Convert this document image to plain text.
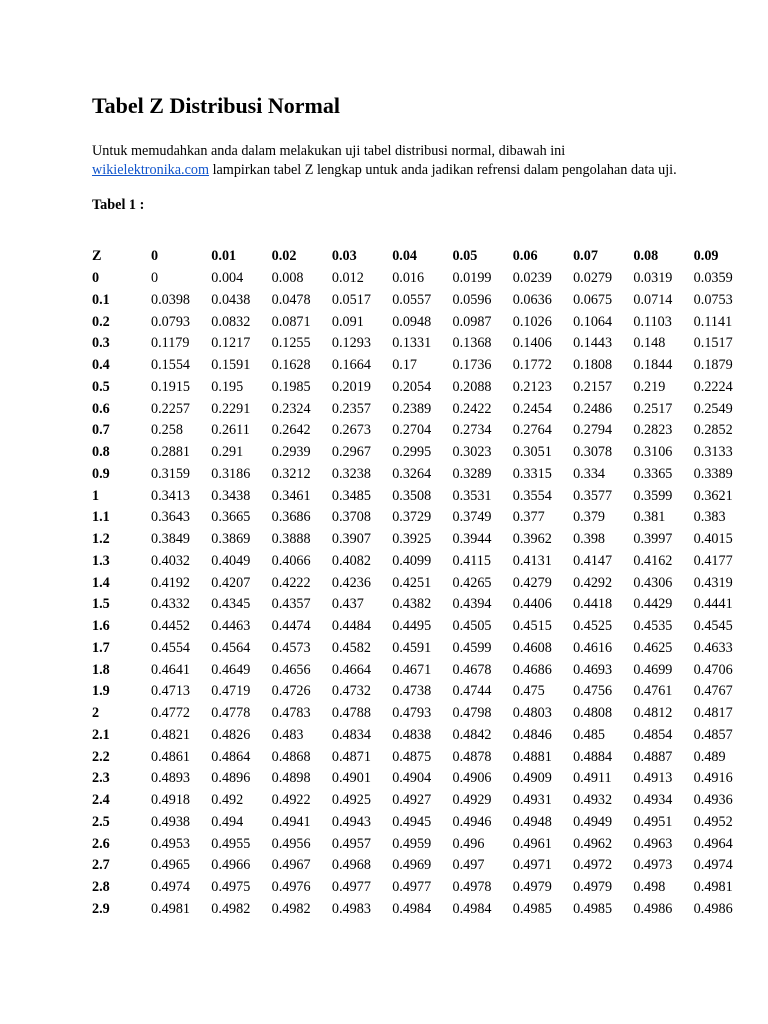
Tabel Z Distribusi Normal

Untuk memudahkan anda dalam melakukan uji tabel distribusi normal, dibawah ini wikielektronika.com lampirkan tabel Z lengkap untuk anda jadikan refrensi dalam pengolahan data uji.

Tabel 1 :

Z	0	0.01	0.02	0.03	0.04	0.05	0.06	0.07	0.08	0.09
0	0	0.004	0.008	0.012	0.016	0.0199	0.0239	0.0279	0.0319	0.0359
0.1	0.0398	0.0438	0.0478	0.0517	0.0557	0.0596	0.0636	0.0675	0.0714	0.0753
0.2	0.0793	0.0832	0.0871	0.091	0.0948	0.0987	0.1026	0.1064	0.1103	0.1141
0.3	0.1179	0.1217	0.1255	0.1293	0.1331	0.1368	0.1406	0.1443	0.148	0.1517
0.4	0.1554	0.1591	0.1628	0.1664	0.17	0.1736	0.1772	0.1808	0.1844	0.1879
0.5	0.1915	0.195	0.1985	0.2019	0.2054	0.2088	0.2123	0.2157	0.219	0.2224
0.6	0.2257	0.2291	0.2324	0.2357	0.2389	0.2422	0.2454	0.2486	0.2517	0.2549
0.7	0.258	0.2611	0.2642	0.2673	0.2704	0.2734	0.2764	0.2794	0.2823	0.2852
0.8	0.2881	0.291	0.2939	0.2967	0.2995	0.3023	0.3051	0.3078	0.3106	0.3133
0.9	0.3159	0.3186	0.3212	0.3238	0.3264	0.3289	0.3315	0.334	0.3365	0.3389
1	0.3413	0.3438	0.3461	0.3485	0.3508	0.3531	0.3554	0.3577	0.3599	0.3621
1.1	0.3643	0.3665	0.3686	0.3708	0.3729	0.3749	0.377	0.379	0.381	0.383
1.2	0.3849	0.3869	0.3888	0.3907	0.3925	0.3944	0.3962	0.398	0.3997	0.4015
1.3	0.4032	0.4049	0.4066	0.4082	0.4099	0.4115	0.4131	0.4147	0.4162	0.4177
1.4	0.4192	0.4207	0.4222	0.4236	0.4251	0.4265	0.4279	0.4292	0.4306	0.4319
1.5	0.4332	0.4345	0.4357	0.437	0.4382	0.4394	0.4406	0.4418	0.4429	0.4441
1.6	0.4452	0.4463	0.4474	0.4484	0.4495	0.4505	0.4515	0.4525	0.4535	0.4545
1.7	0.4554	0.4564	0.4573	0.4582	0.4591	0.4599	0.4608	0.4616	0.4625	0.4633
1.8	0.4641	0.4649	0.4656	0.4664	0.4671	0.4678	0.4686	0.4693	0.4699	0.4706
1.9	0.4713	0.4719	0.4726	0.4732	0.4738	0.4744	0.475	0.4756	0.4761	0.4767
2	0.4772	0.4778	0.4783	0.4788	0.4793	0.4798	0.4803	0.4808	0.4812	0.4817
2.1	0.4821	0.4826	0.483	0.4834	0.4838	0.4842	0.4846	0.485	0.4854	0.4857
2.2	0.4861	0.4864	0.4868	0.4871	0.4875	0.4878	0.4881	0.4884	0.4887	0.489
2.3	0.4893	0.4896	0.4898	0.4901	0.4904	0.4906	0.4909	0.4911	0.4913	0.4916
2.4	0.4918	0.492	0.4922	0.4925	0.4927	0.4929	0.4931	0.4932	0.4934	0.4936
2.5	0.4938	0.494	0.4941	0.4943	0.4945	0.4946	0.4948	0.4949	0.4951	0.4952
2.6	0.4953	0.4955	0.4956	0.4957	0.4959	0.496	0.4961	0.4962	0.4963	0.4964
2.7	0.4965	0.4966	0.4967	0.4968	0.4969	0.497	0.4971	0.4972	0.4973	0.4974
2.8	0.4974	0.4975	0.4976	0.4977	0.4977	0.4978	0.4979	0.4979	0.498	0.4981
2.9	0.4981	0.4982	0.4982	0.4983	0.4984	0.4984	0.4985	0.4985	0.4986	0.4986
